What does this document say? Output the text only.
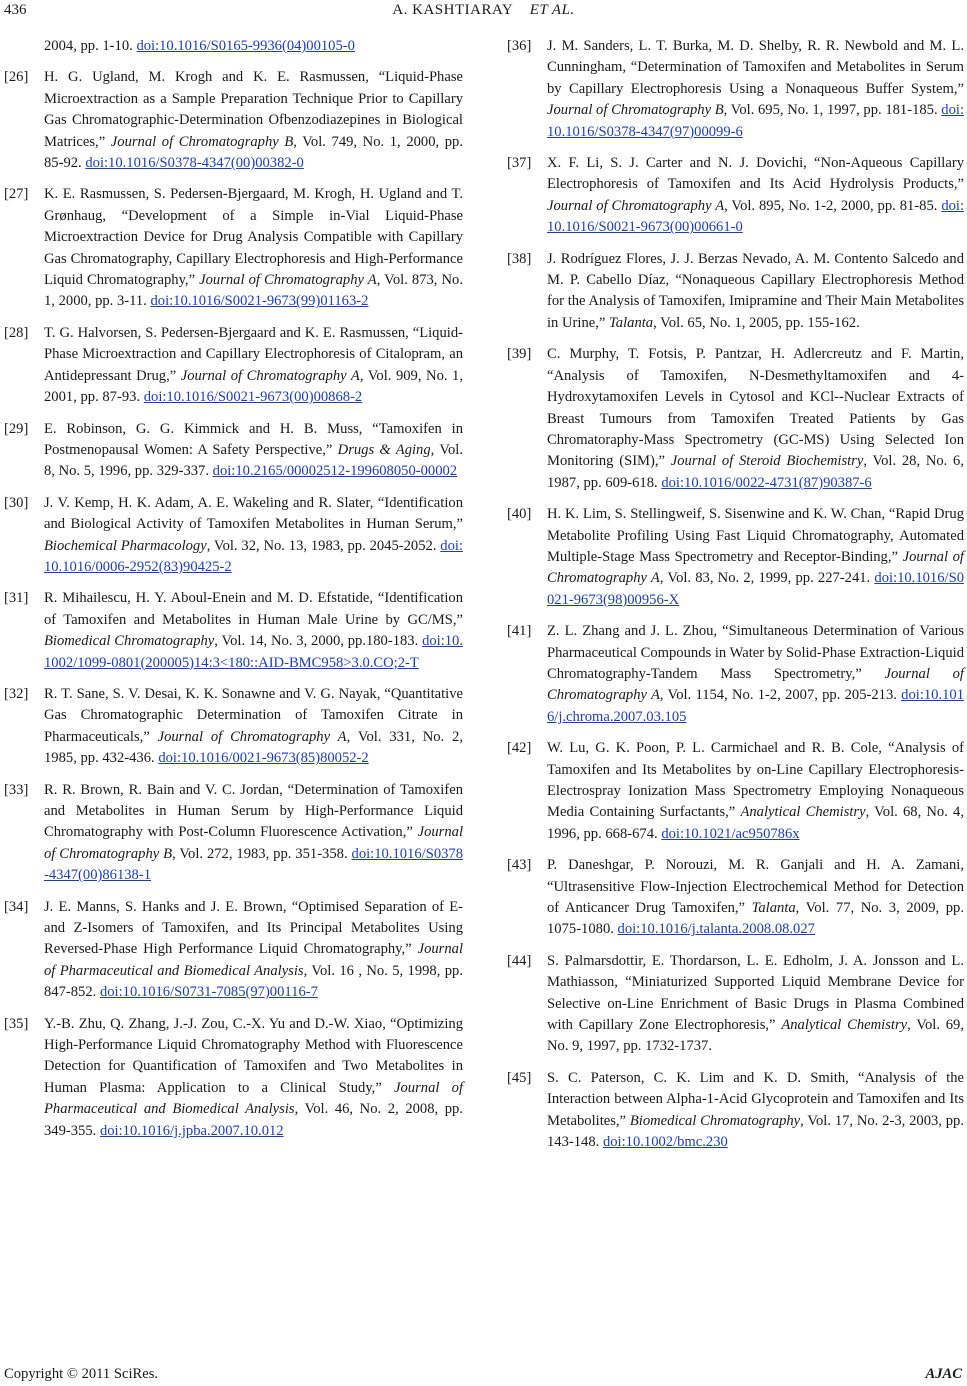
436	A. KASHTIARAY ET AL.
2004, pp. 1-10. doi:10.1016/S0165-9936(04)00105-0
[26] H. G. Ugland, M. Krogh and K. E. Rasmussen, “Liquid-Phase Microextraction as a Sample Preparation Technique Prior to Capillary Gas Chromatographic-Determination Ofbenzodiazepines in Biological Matrices,” Journal of Chromatography B, Vol. 749, No. 1, 2000, pp. 85-92. doi:10.1016/S0378-4347(00)00382-0
[27] K. E. Rasmussen, S. Pedersen-Bjergaard, M. Krogh, H. Ugland and T. Grønhaug, “Development of a Simple in-Vial Liquid-Phase Microextraction Device for Drug Analysis Compatible with Capillary Gas Chromatography, Capillary Electrophoresis and High-Performance Liquid Chromatography,” Journal of Chromatography A, Vol. 873, No. 1, 2000, pp. 3-11. doi:10.1016/S0021-9673(99)01163-2
[28] T. G. Halvorsen, S. Pedersen-Bjergaard and K. E. Rasmussen, “Liquid-Phase Microextraction and Capillary Electrophoresis of Citalopram, an Antidepressant Drug,” Journal of Chromatography A, Vol. 909, No. 1, 2001, pp. 87-93. doi:10.1016/S0021-9673(00)00868-2
[29] E. Robinson, G. G. Kimmick and H. B. Muss, “Tamoxifen in Postmenopausal Women: A Safety Perspective,” Drugs & Aging, Vol. 8, No. 5, 1996, pp. 329-337. doi:10.2165/00002512-199608050-00002
[30] J. V. Kemp, H. K. Adam, A. E. Wakeling and R. Slater, “Identification and Biological Activity of Tamoxifen Metabolites in Human Serum,” Biochemical Pharmacology, Vol. 32, No. 13, 1983, pp. 2045-2052. doi:10.1016/0006-2952(83)90425-2
[31] R. Mihailescu, H. Y. Aboul-Enein and M. D. Efstatide, “Identification of Tamoxifen and Metabolites in Human Male Urine by GC/MS,” Biomedical Chromatography, Vol. 14, No. 3, 2000, pp.180-183. doi:10.1002/1099-0801(200005)14:3<180::AID-BMC958>3.0.CO;2-T
[32] R. T. Sane, S. V. Desai, K. K. Sonawne and V. G. Nayak, “Quantitative Gas Chromatographic Determination of Tamoxifen Citrate in Pharmaceuticals,” Journal of Chromatography A, Vol. 331, No. 2, 1985, pp. 432-436. doi:10.1016/0021-9673(85)80052-2
[33] R. R. Brown, R. Bain and V. C. Jordan, “Determination of Tamoxifen and Metabolites in Human Serum by High-Performance Liquid Chromatography with Post-Column Fluorescence Activation,” Journal of Chromatography B, Vol. 272, 1983, pp. 351-358. doi:10.1016/S0378-4347(00)86138-1
[34] J. E. Manns, S. Hanks and J. E. Brown, “Optimised Separation of E- and Z-Isomers of Tamoxifen, and Its Principal Metabolites Using Reversed-Phase High Performance Liquid Chromatography,” Journal of Pharmaceutical and Biomedical Analysis, Vol. 16 , No. 5, 1998, pp. 847-852. doi:10.1016/S0731-7085(97)00116-7
[35] Y.-B. Zhu, Q. Zhang, J.-J. Zou, C.-X. Yu and D.-W. Xiao, “Optimizing High-Performance Liquid Chromatography Method with Fluorescence Detection for Quantification of Tamoxifen and Two Metabolites in Human Plasma: Application to a Clinical Study,” Journal of Pharmaceutical and Biomedical Analysis, Vol. 46, No. 2, 2008, pp. 349-355. doi:10.1016/j.jpba.2007.10.012
[36] J. M. Sanders, L. T. Burka, M. D. Shelby, R. R. Newbold and M. L. Cunningham, “Determination of Tamoxifen and Metabolites in Serum by Capillary Electrophoresis Using a Nonaqueous Buffer System,” Journal of Chromatography B, Vol. 695, No. 1, 1997, pp. 181-185. doi:10.1016/S0378-4347(97)00099-6
[37] X. F. Li, S. J. Carter and N. J. Dovichi, “Non-Aqueous Capillary Electrophoresis of Tamoxifen and Its Acid Hydrolysis Products,” Journal of Chromatography A, Vol. 895, No. 1-2, 2000, pp. 81-85. doi:10.1016/S0021-9673(00)00661-0
[38] J. Rodríguez Flores, J. J. Berzas Nevado, A. M. Contento Salcedo and M. P. Cabello Díaz, “Nonaqueous Capillary Electrophoresis Method for the Analysis of Tamoxifen, Imipramine and Their Main Metabolites in Urine,” Talanta, Vol. 65, No. 1, 2005, pp. 155-162.
[39] C. Murphy, T. Fotsis, P. Pantzar, H. Adlercreutz and F. Martin, “Analysis of Tamoxifen, N-Desmethyltamoxifen and 4-Hydroxytamoxifen Levels in Cytosol and KCl--Nuclear Extracts of Breast Tumours from Tamoxifen Treated Patients by Gas Chromatoraphy-Mass Spectrometry (GC-MS) Using Selected Ion Monitoring (SIM),” Journal of Steroid Biochemistry, Vol. 28, No. 6, 1987, pp. 609-618. doi:10.1016/0022-4731(87)90387-6
[40] H. K. Lim, S. Stellingweif, S. Sisenwine and K. W. Chan, “Rapid Drug Metabolite Profiling Using Fast Liquid Chromatography, Automated Multiple-Stage Mass Spectrometry and Receptor-Binding,” Journal of Chromatography A, Vol. 83, No. 2, 1999, pp. 227-241. doi:10.1016/S0021-9673(98)00956-X
[41] Z. L. Zhang and J. L. Zhou, “Simultaneous Determination of Various Pharmaceutical Compounds in Water by Solid-Phase Extraction-Liquid Chromatography-Tandem Mass Spectrometry,” Journal of Chromatography A, Vol. 1154, No. 1-2, 2007, pp. 205-213. doi:10.1016/j.chroma.2007.03.105
[42] W. Lu, G. K. Poon, P. L. Carmichael and R. B. Cole, “Analysis of Tamoxifen and Its Metabolites by on-Line Capillary Electrophoresis-Electrospray Ionization Mass Spectrometry Employing Nonaqueous Media Containing Surfactants,” Analytical Chemistry, Vol. 68, No. 4, 1996, pp. 668-674. doi:10.1021/ac950786x
[43] P. Daneshgar, P. Norouzi, M. R. Ganjali and H. A. Zamani, “Ultrasensitive Flow-Injection Electrochemical Method for Detection of Anticancer Drug Tamoxifen,” Talanta, Vol. 77, No. 3, 2009, pp. 1075-1080. doi:10.1016/j.talanta.2008.08.027
[44] S. Palmarsdottir, E. Thordarson, L. E. Edholm, J. A. Jonsson and L. Mathiasson, “Miniaturized Supported Liquid Membrane Device for Selective on-Line Enrichment of Basic Drugs in Plasma Combined with Capillary Zone Electrophoresis,” Analytical Chemistry, Vol. 69, No. 9, 1997, pp. 1732-1737.
[45] S. C. Paterson, C. K. Lim and K. D. Smith, “Analysis of the Interaction between Alpha-1-Acid Glycoprotein and Tamoxifen and Its Metabolites,” Biomedical Chromatography, Vol. 17, No. 2-3, 2003, pp. 143-148. doi:10.1002/bmc.230
Copyright © 2011 SciRes.	AJAC
